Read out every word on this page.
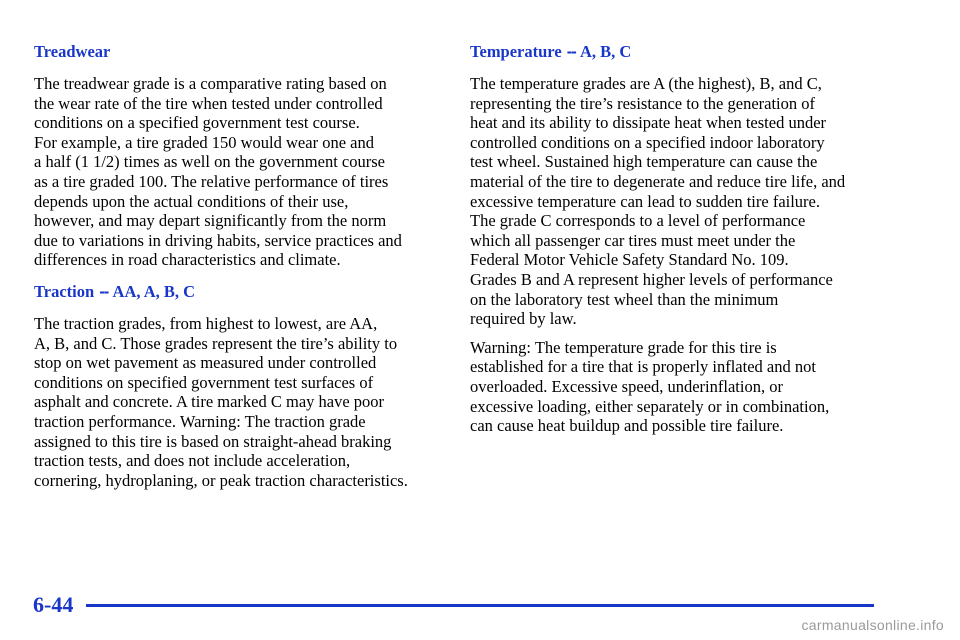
Treadwear

The treadwear grade is a comparative rating based on
the wear rate of the tire when tested under controlled
conditions on a specified government test course.
For example, a tire graded 150 would wear one and
a half (1 1/2) times as well on the government course
as a tire graded 100. The relative performance of tires
depends upon the actual conditions of their use,
however, and may depart significantly from the norm
due to variations in driving habits, service practices and
differences in road characteristics and climate.

Traction -- AA, A, B, C

The traction grades, from highest to lowest, are AA,
A, B, and C. Those grades represent the tire’s ability to
stop on wet pavement as measured under controlled
conditions on specified government test surfaces of
asphalt and concrete. A tire marked C may have poor
traction performance. Warning: The traction grade
assigned to this tire is based on straight-ahead braking
traction tests, and does not include acceleration,
cornering, hydroplaning, or peak traction characteristics.

Temperature -- A, B, C

The temperature grades are A (the highest), B, and C,
representing the tire’s resistance to the generation of
heat and its ability to dissipate heat when tested under
controlled conditions on a specified indoor laboratory
test wheel. Sustained high temperature can cause the
material of the tire to degenerate and reduce tire life, and
excessive temperature can lead to sudden tire failure.
The grade C corresponds to a level of performance
which all passenger car tires must meet under the
Federal Motor Vehicle Safety Standard No. 109.
Grades B and A represent higher levels of performance
on the laboratory test wheel than the minimum
required by law.

Warning: The temperature grade for this tire is
established for a tire that is properly inflated and not
overloaded. Excessive speed, underinflation, or
excessive loading, either separately or in combination,
can cause heat buildup and possible tire failure.

6-44
carmanualsonline.info
